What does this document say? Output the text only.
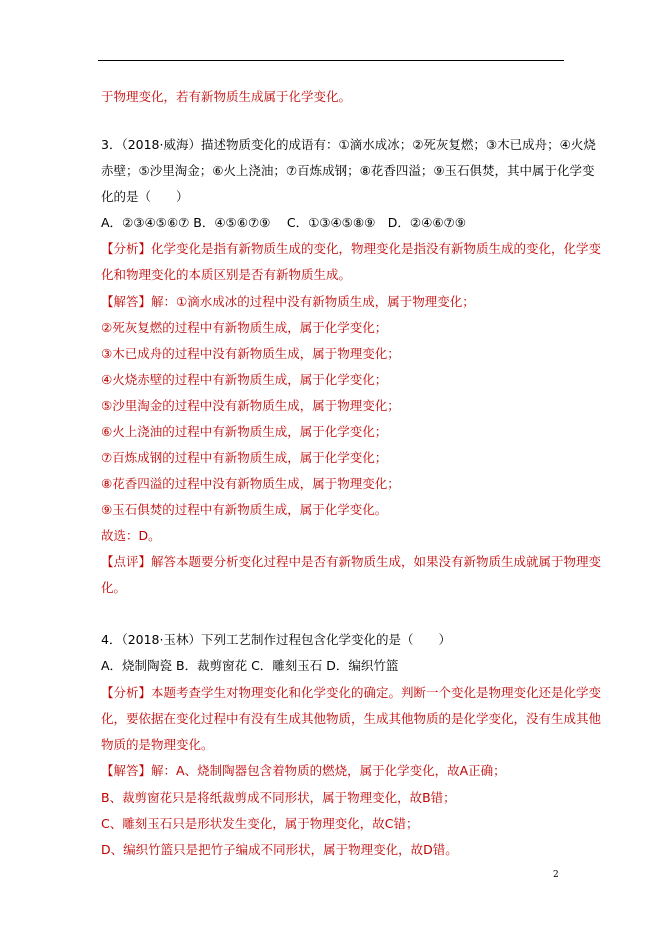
于物理变化，若有新物质生成属于化学变化。
3．（2018·威海）描述物质变化的成语有：①滴水成冰；②死灰复燃；③木已成舟；④火烧
赤壁；⑤沙里淘金；⑥火上浇油；⑦百炼成钢；⑧花香四溢；⑨玉石俱焚，其中属于化学变
化的是（　　）
A．②③④⑤⑥⑦ B．④⑤⑥⑦⑨　 C．①③④⑤⑧⑨　D．②④⑥⑦⑨
【分析】化学变化是指有新物质生成的变化，物理变化是指没有新物质生成的变化，化学变
化和物理变化的本质区别是否有新物质生成。
【解答】解：①滴水成冰的过程中没有新物质生成，属于物理变化；
②死灰复燃的过程中有新物质生成，属于化学变化；
③木已成舟的过程中没有新物质生成，属于物理变化；
④火烧赤壁的过程中有新物质生成，属于化学变化；
⑤沙里淘金的过程中没有新物质生成，属于物理变化；
⑥火上浇油的过程中有新物质生成，属于化学变化；
⑦百炼成钢的过程中有新物质生成，属于化学变化；
⑧花香四溢的过程中没有新物质生成，属于物理变化；
⑨玉石俱焚的过程中有新物质生成，属于化学变化。
故选：D。
【点评】解答本题要分析变化过程中是否有新物质生成，如果没有新物质生成就属于物理变
化。
4．（2018·玉林）下列工艺制作过程包含化学变化的是（　　）
A．烧制陶瓷 B．裁剪窗花 C．雕刻玉石 D．编织竹篮
【分析】本题考查学生对物理变化和化学变化的确定。判断一个变化是物理变化还是化学变
化，要依据在变化过程中有没有生成其他物质，生成其他物质的是化学变化，没有生成其他
物质的是物理变化。
【解答】解：A、烧制陶器包含着物质的燃烧，属于化学变化，故A正确；
B、裁剪窗花只是将纸裁剪成不同形状，属于物理变化，故B错；
C、雕刻玉石只是形状发生变化，属于物理变化，故C错；
D、编织竹篮只是把竹子编成不同形状，属于物理变化，故D错。
2
